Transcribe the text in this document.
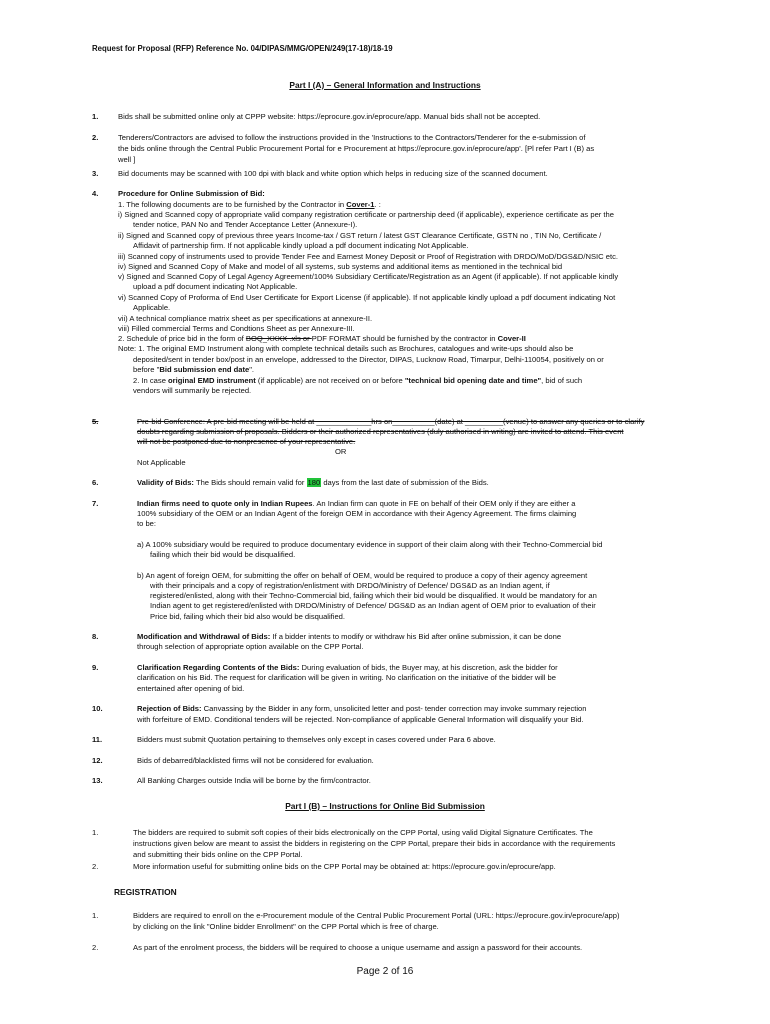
Request for Proposal (RFP) Reference No. 04/DIPAS/MMG/OPEN/249(17-18)/18-19
Part I (A) – General Information and Instructions
1.	Bids shall be submitted online only at CPPP website: https://eprocure.gov.in/eprocure/app. Manual bids shall not be accepted.
2.	Tenderers/Contractors are advised to follow the instructions provided in the 'Instructions to the Contractors/Tenderer for the e-submission of
the bids online through the Central Public Procurement Portal for e Procurement at https://eprocure.gov.in/eprocure/app'. [Pl refer Part I (B) as
well ]
3.	Bid documents may be scanned with 100 dpi with black and white option which helps in reducing size of the scanned document.
4.	Procedure for Online Submission of Bid:
1. The following documents are to be furnished by the Contractor in Cover-1. :
i) Signed and Scanned copy of appropriate valid company registration certificate or partnership deed (if applicable), experience certificate as per the
tender notice, PAN No and Tender Acceptance Letter (Annexure-I).
ii) Signed and Scanned copy of previous three years Income-tax / GST return / latest GST Clearance Certificate, GSTN no , TIN No, Certificate /
Affidavit of partnership firm. If not applicable kindly upload a pdf document indicating Not Applicable.
iii) Scanned copy of instruments used to provide Tender Fee and Earnest Money Deposit or Proof of Registration with DRDO/MoD/DGS&D/NSIC etc.
iv) Signed and Scanned Copy of Make and model of all systems, sub systems and additional items as mentioned in the technical bid
v) Signed and Scanned Copy of Legal Agency Agreement/100% Subsidiary Certificate/Registration as an Agent (if applicable). If not applicable kindly
upload a pdf document indicating Not Applicable.
vi) Scanned Copy of Proforma of End User Certificate for Export License (if applicable). If not applicable kindly upload a pdf document indicating Not
Applicable.
vii) A technical compliance matrix sheet as per specifications at annexure-II.
viii) Filled commercial Terms and Condtions Sheet as per Annexure-III.
2. Schedule of price bid in the form of BOQ_XXXX .xls or PDF FORMAT should be furnished by the contractor in Cover-II
Note: 1. The original EMD Instrument along with complete technical details such as Brochures, catalogues and write-ups should also be
deposited/sent in tender box/post in an envelope, addressed to the Director, DIPAS, Lucknow Road, Timarpur, Delhi-110054, positively on or
before "Bid submission end date".
2. In case original EMD instrument (if applicable) are not received on or before "technical bid opening date and time", bid of such
vendors will summarily be rejected.
5.	Pre-bid Conference: A pre-bid meeting will be held at _____________hrs on__________(date) at _________(venue) to answer any queries or to clarify
doubts regarding submission of proposals. Bidders or their authorized representatives (duly authorised in writing) are invited to attend. This event
will not be postponed due to nonpresence of your representative.
OR
Not Applicable
6.	Validity of Bids: The Bids should remain valid for 180 days from the last date of submission of the Bids.
7.	Indian firms need to quote only in Indian Rupees. An Indian firm can quote in FE on behalf of their OEM only if they are either a
100% subsidiary of the OEM or an Indian Agent of the foreign OEM in accordance with their Agency Agreement. The firms claiming
to be:
a) A 100% subsidiary would be required to produce documentary evidence in support of their claim along with their Techno-Commercial bid
failing which their bid would be disqualified.
b) An agent of foreign OEM, for submitting the offer on behalf of OEM, would be required to produce a copy of their agency agreement
with their principals and a copy of registration/enlistment with DRDO/Ministry of Defence/ DGS&D as an Indian agent, if
registered/enlisted, along with their Techno-Commercial bid, failing which their bid would be disqualified. It would be mandatory for an
Indian agent to get registered/enlisted with DRDO/Ministry of Defence/ DGS&D as an Indian agent of OEM prior to evaluation of their
Price bid, failing which their bid also would be disqualified.
8.	Modification and Withdrawal of Bids: If a bidder intents to modify or withdraw his Bid after online submission, it can be done
through selection of appropriate option available on the CPP Portal.
9.	Clarification Regarding Contents of the Bids: During evaluation of bids, the Buyer may, at his discretion, ask the bidder for
clarification on his Bid. The request for clarification will be given in writing. No clarification on the initiative of the bidder will be
entertained after opening of bid.
10.	Rejection of Bids: Canvassing by the Bidder in any form, unsolicited letter and post- tender correction may invoke summary rejection
with forfeiture of EMD. Conditional tenders will be rejected. Non-compliance of applicable General Information will disqualify your Bid.
11.	Bidders must submit Quotation pertaining to themselves only except in cases covered under Para 6 above.
12.	Bids of debarred/blacklisted firms will not be considered for evaluation.
13.	All Banking Charges outside India will be borne by the firm/contractor.
Part I (B) – Instructions for Online Bid Submission
1.	The bidders are required to submit soft copies of their bids electronically on the CPP Portal, using valid Digital Signature Certificates. The
instructions given below are meant to assist the bidders in registering on the CPP Portal, prepare their bids in accordance with the requirements
and submitting their bids online on the CPP Portal.
2.	More information useful for submitting online bids on the CPP Portal may be obtained at: https://eprocure.gov.in/eprocure/app.
REGISTRATION
1.	Bidders are required to enroll on the e-Procurement module of the Central Public Procurement Portal (URL: https://eprocure.gov.in/eprocure/app)
by clicking on the link "Online bidder Enrollment" on the CPP Portal which is free of charge.
2.	As part of the enrolment process, the bidders will be required to choose a unique username and assign a password for their accounts.
Page 2 of 16
